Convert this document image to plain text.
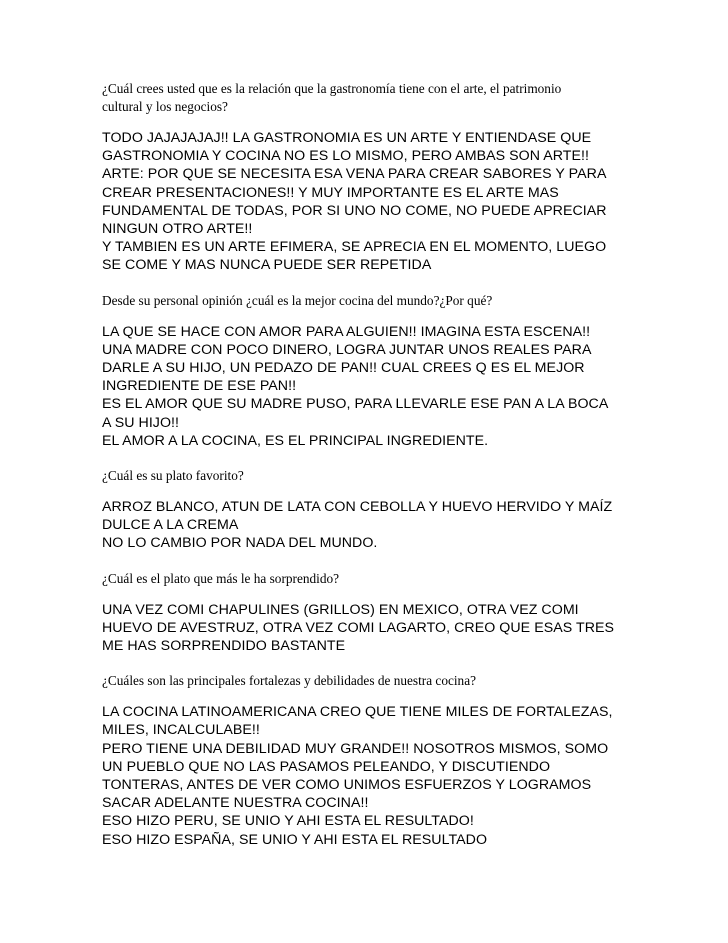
¿Cuál crees usted que es la relación que la gastronomía tiene con el arte, el patrimonio
cultural y los negocios?

TODO JAJAJAJAJ!! LA GASTRONOMIA ES UN ARTE Y ENTIENDASE QUE
GASTRONOMIA Y COCINA NO ES LO MISMO, PERO AMBAS SON ARTE!!
ARTE: POR QUE SE NECESITA ESA VENA PARA CREAR SABORES Y PARA
CREAR PRESENTACIONES!! Y MUY IMPORTANTE ES EL ARTE MAS
FUNDAMENTAL DE TODAS, POR SI UNO NO COME, NO PUEDE APRECIAR
NINGUN OTRO ARTE!!
Y TAMBIEN ES UN ARTE EFIMERA, SE APRECIA EN EL MOMENTO, LUEGO
SE COME Y MAS NUNCA PUEDE SER REPETIDA

Desde su personal opinión ¿cuál es la mejor cocina del mundo?¿Por qué?

LA QUE SE HACE CON AMOR PARA ALGUIEN!! IMAGINA ESTA ESCENA!!
UNA MADRE CON POCO DINERO, LOGRA JUNTAR UNOS REALES PARA
DARLE A SU HIJO, UN PEDAZO DE PAN!! CUAL CREES Q ES EL MEJOR
INGREDIENTE DE ESE PAN!!
ES EL AMOR QUE SU MADRE PUSO, PARA LLEVARLE ESE PAN A LA BOCA
A SU HIJO!!
EL AMOR A LA COCINA, ES EL PRINCIPAL INGREDIENTE.

¿Cuál es su plato favorito?

ARROZ BLANCO, ATUN DE LATA CON CEBOLLA Y HUEVO HERVIDO Y MAÍZ
DULCE A LA CREMA
NO LO CAMBIO POR NADA DEL MUNDO.

¿Cuál es el plato que más le ha sorprendido?

UNA VEZ COMI CHAPULINES (GRILLOS) EN MEXICO, OTRA VEZ COMI
HUEVO DE AVESTRUZ, OTRA VEZ COMI LAGARTO, CREO QUE ESAS TRES
ME HAS SORPRENDIDO BASTANTE

¿Cuáles son las principales fortalezas y debilidades de nuestra cocina?

LA COCINA LATINOAMERICANA CREO QUE TIENE MILES DE FORTALEZAS,
MILES, INCALCULABE!!
PERO TIENE UNA DEBILIDAD MUY GRANDE!! NOSOTROS MISMOS, SOMO
UN PUEBLO QUE NO LAS PASAMOS PELEANDO, Y DISCUTIENDO
TONTERAS, ANTES DE VER COMO UNIMOS ESFUERZOS Y LOGRAMOS
SACAR ADELANTE NUESTRA COCINA!!
ESO HIZO PERU, SE UNIO Y AHI ESTA EL RESULTADO!
ESO HIZO ESPAÑA, SE UNIO Y AHI ESTA EL RESULTADO
